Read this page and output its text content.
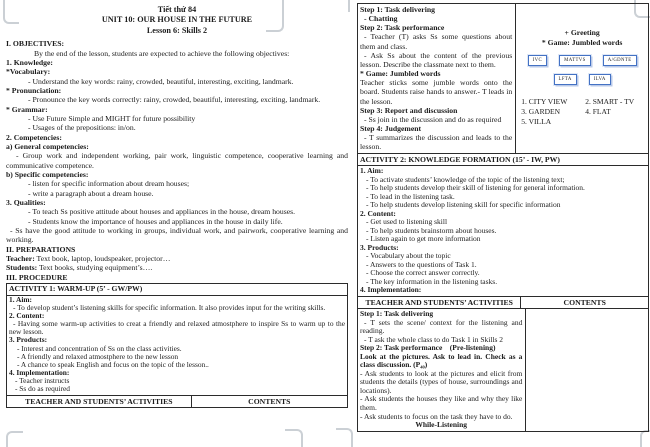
Tiết thứ 84
UNIT 10: OUR HOUSE IN THE FUTURE
Lesson 6: Skills 2
I. OBJECTIVES:
By the end of the lesson, students are expected to achieve the following objectives:
1. Knowledge:
*Vocabulary:
- Understand the key words: rainy, crowded, beautiful, interesting, exciting, landmark.
* Pronunciation:
- Pronounce the key words correctly: rainy, crowded, beautiful, interesting, exciting, landmark.
* Grammar:
- Use Future Simple and MIGHT for future possibility
- Usages of the prepositions: in/on.
2. Competencies:
a) General competencies:
- Group work and independent working, pair work, linguistic competence, cooperative learning and communicative competence.
b) Specific competencies:
- listen for specific information about dream houses;
- write a paragraph about a dream house.
3. Qualities:
- To teach Ss positive attitude about houses and appliances in the house, dream houses.
- Students know the importance of houses and appliances in the house in daily life.
- Ss have the good attitude to working in groups, individual work, and pairwork, cooperative learning and working.
II. PREPARATIONS
Teacher: Text book, laptop, loudspeaker, projector…
Students: Text books, studying equipment’s….
III. PROCEDURE
ACTIVITY 1: WARM-UP (5’ - GW/PW)
1. Aim:
- To develop student’s listening skills for specific information. It also provides input for the writing skills.
2. Content:
- Having some warm-up activities to creat a friendly and relaxed atmostphere to inspire Ss to warm up to the new lesson.
3. Products:
- Interest and concentration of Ss on the class activities.
- A friendly and relaxed atmostphere to the new lesson
- A chance to speak English and focus on the topic of the lesson..
4. Implementation:
- Teacher instructs
- Ss do as required
TEACHER AND STUDENTS’ ACTIVITIES	CONTENTS
Step 1: Task delivering
- Chatting
Step 2: Task performance
- Teacher (T) asks Ss some questions about them and class.
- Ask Ss about the content of the previous lesson. Describe the classmate next to them.
* Game: Jumbled words
Teacher sticks some jumble words onto the board. Students raise hands to answer.- T leads in the lesson.
Step 3: Report and discussion
- Ss join in the discussion and do as required
Step 4: Judgement
- T summarizes the discussion and leads to the lesson.
+ Greeting
* Game: Jumbled words
IVC	MATTVS	A/GDNTE
LFTA	ILVA
1. CITY VIEW	2. SMART - TV
3. GARDEN	4. FLAT
5. VILLA
ACTIVITY 2: KNOWLEDGE FORMATION (15’ - IW, PW)
1. Aim:
- To activate students’ knowledge of the topic of the listening text;
- To help students develop their skill of listening for general information.
- To lead in the listening task.
- To help students develop listening skill for specific information
2. Content:
- Get used to listening skill
- To help students brainstorm about houses.
- Listen again to get more information
3. Products:
- Vocabulary about the topic
- Answers to the questions of Task 1.
- Choose the correct answer correctly.
- The key information in the listening tasks.
4. Implementation:
TEACHER AND STUDENTS’ ACTIVITIES	CONTENTS
Step 1: Task delivering
- T sets the scene/ context for the listening and reading.
- T ask the whole class to do Task 1 in Skills 2
Step 2: Task performance    (Pre-listening)
Look at the pictures. Ask to lead in. Check as a class discussion. (P₄₀)
- Ask students to look at the pictures and elicit from students the details (types of house, surroundings and locations).
- Ask students the houses they like and why they like them.
- Ask students to focus on the task they have to do.
While-Listening
